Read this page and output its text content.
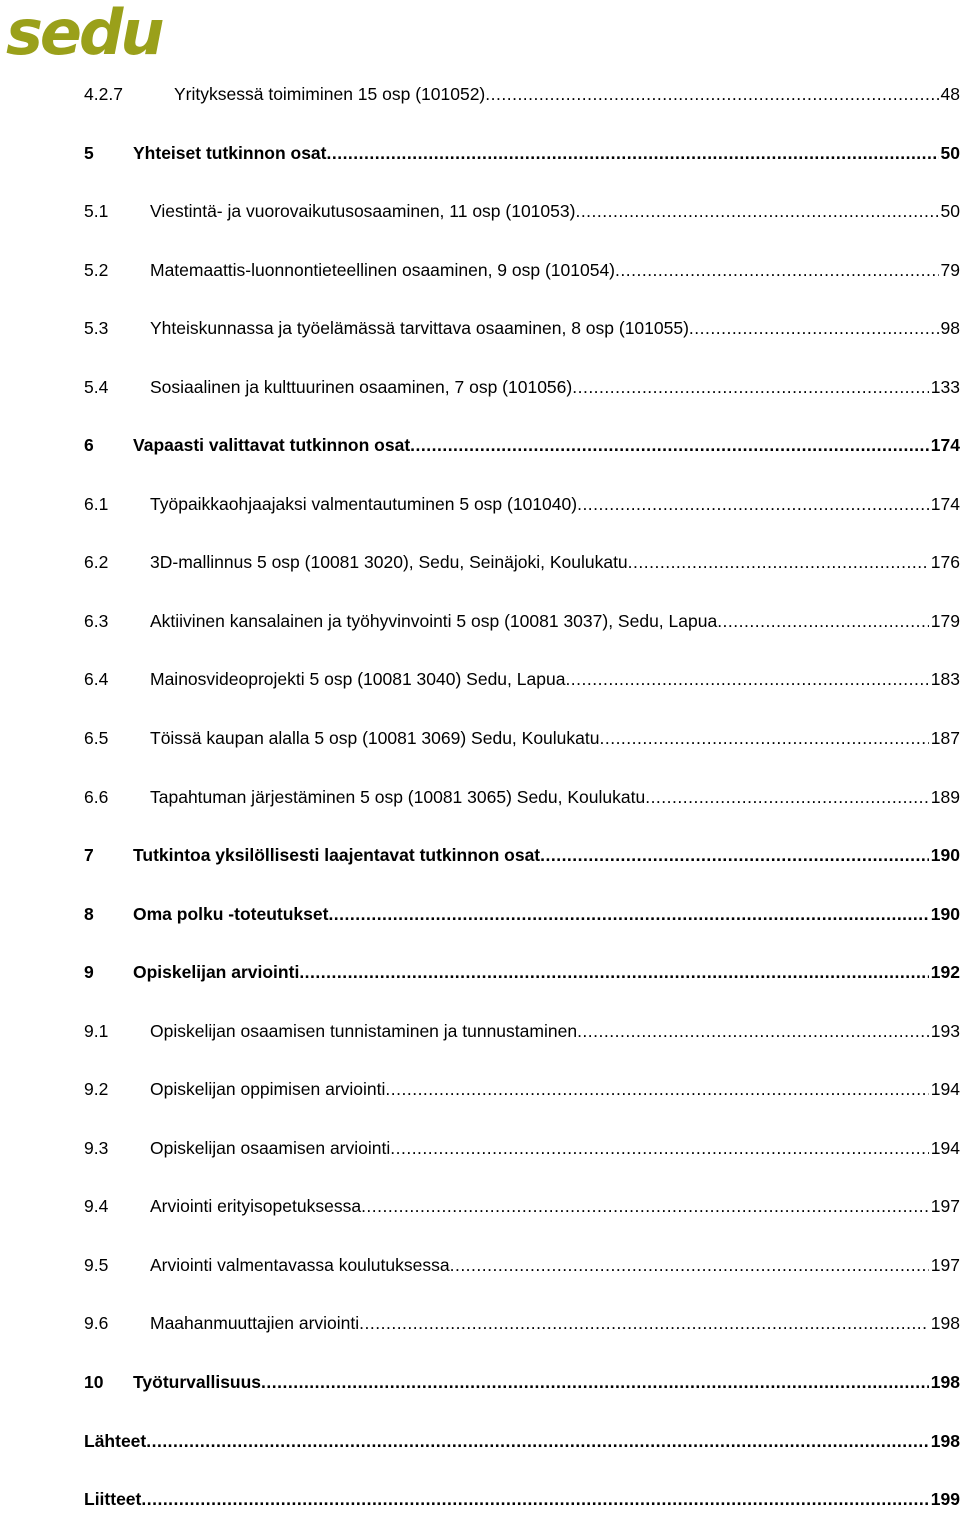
sedu
4.2.7	Yrityksessä toimiminen 15 osp (101052) .....	48
5 Yhteiset tutkinnon osat .....	50
5.1 Viestintä- ja vuorovaikutusosaaminen, 11 osp (101053) .....	50
5.2 Matemaattis-luonnontieteellinen osaaminen, 9 osp (101054) .....	79
5.3 Yhteiskunnassa ja työelämässä tarvittava osaaminen, 8 osp (101055) .....	98
5.4 Sosiaalinen ja kulttuurinen osaaminen, 7 osp (101056) .....	133
6 Vapaasti valittavat tutkinnon osat .....	174
6.1 Työpaikkaohjaajaksi valmentautuminen 5 osp (101040) .....	174
6.2 3D-mallinnus 5 osp (10081 3020), Sedu, Seinäjoki, Koulukatu .....	176
6.3 Aktiivinen kansalainen ja työhyvinvointi 5 osp (10081 3037), Sedu, Lapua .....	179
6.4 Mainosvideoprojekti 5 osp (10081 3040) Sedu, Lapua .....	183
6.5 Töissä kaupan alalla 5 osp (10081 3069) Sedu, Koulukatu .....	187
6.6 Tapahtuman järjestäminen 5 osp (10081 3065) Sedu, Koulukatu .....	189
7 Tutkintoa yksilöllisesti laajentavat tutkinnon osat .....	190
8 Oma polku -toteutukset .....	190
9 Opiskelijan arviointi .....	192
9.1 Opiskelijan osaamisen tunnistaminen ja tunnustaminen .....	193
9.2 Opiskelijan oppimisen arviointi .....	194
9.3 Opiskelijan osaamisen arviointi .....	194
9.4 Arviointi erityisopetuksessa .....	197
9.5 Arviointi valmentavassa koulutuksessa .....	197
9.6 Maahanmuuttajien arviointi .....	198
10 Työturvallisuus .....	198
Lähteet .....	198
Liitteet .....	199
